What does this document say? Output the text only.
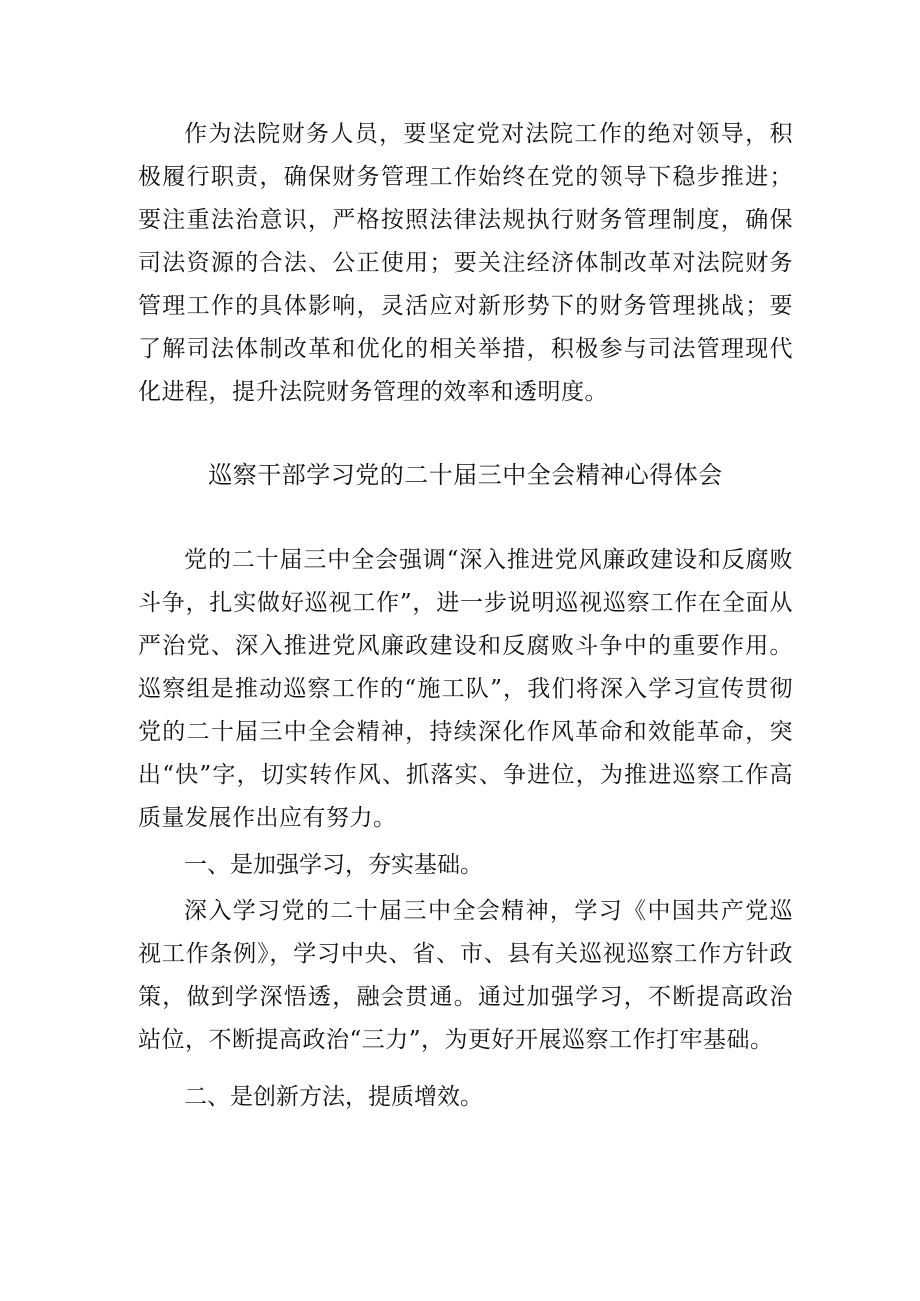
作为法院财务人员，要坚定党对法院工作的绝对领导，积极履行职责，确保财务管理工作始终在党的领导下稳步推进；要注重法治意识，严格按照法律法规执行财务管理制度，确保司法资源的合法、公正使用；要关注经济体制改革对法院财务管理工作的具体影响，灵活应对新形势下的财务管理挑战；要了解司法体制改革和优化的相关举措，积极参与司法管理现代化进程，提升法院财务管理的效率和透明度。

巡察干部学习党的二十届三中全会精神心得体会

党的二十届三中全会强调“深入推进党风廉政建设和反腐败斗争，扎实做好巡视工作”，进一步说明巡视巡察工作在全面从严治党、深入推进党风廉政建设和反腐败斗争中的重要作用。巡察组是推动巡察工作的“施工队”，我们将深入学习宣传贯彻党的二十届三中全会精神，持续深化作风革命和效能革命，突出“快”字，切实转作风、抓落实、争进位，为推进巡察工作高质量发展作出应有努力。

一、是加强学习，夯实基础。

深入学习党的二十届三中全会精神，学习《中国共产党巡视工作条例》，学习中央、省、市、县有关巡视巡察工作方针政策，做到学深悟透，融会贯通。通过加强学习，不断提高政治站位，不断提高政治“三力”，为更好开展巡察工作打牢基础。

二、是创新方法，提质增效。
